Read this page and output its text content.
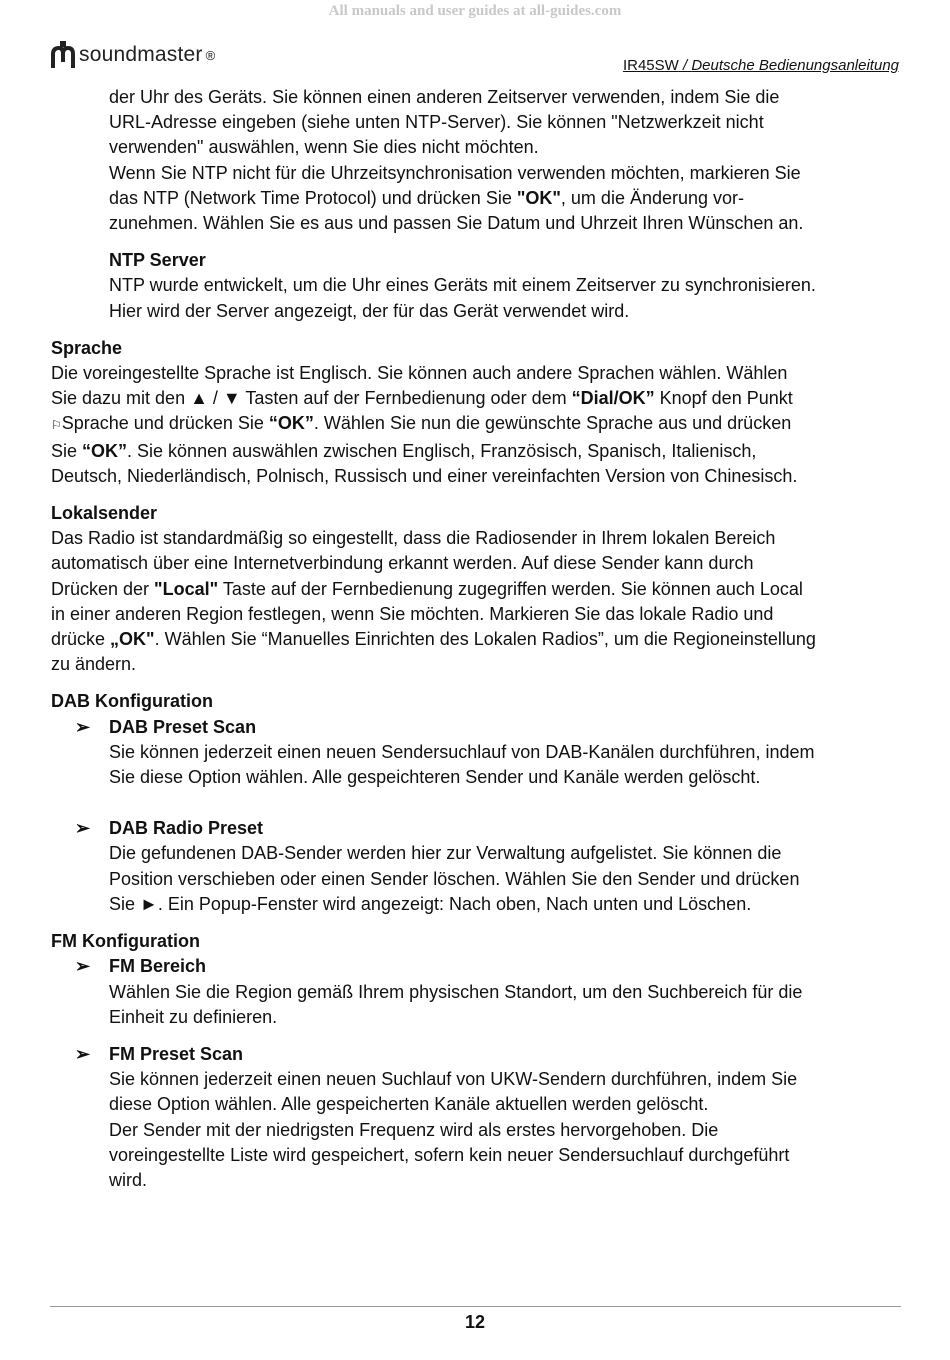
All manuals and user guides at all-guides.com
soundmaster ®
IR45SW / Deutsche Bedienungsanleitung

der Uhr des Geräts. Sie können einen anderen Zeitserver verwenden, indem Sie die

URL-Adresse eingeben (siehe unten NTP-Server). Sie können "Netzwerkzeit nicht

verwenden" auswählen, wenn Sie dies nicht möchten.

Wenn Sie NTP nicht für die Uhrzeitsynchronisation verwenden möchten, markieren Sie

das NTP (Network Time Protocol) und drücken Sie "OK", um die Änderung vor-

zunehmen. Wählen Sie es aus und passen Sie Datum und Uhrzeit Ihren Wünschen an.

NTP Server

NTP wurde entwickelt, um die Uhr eines Geräts mit einem Zeitserver zu synchronisieren.

Hier wird der Server angezeigt, der für das Gerät verwendet wird.

Sprache

Die voreingestellte Sprache ist Englisch. Sie können auch andere Sprachen wählen. Wählen

Sie dazu mit den ▲ / ▼ Tasten auf der Fernbedienung oder dem “Dial/OK” Knopf den Punkt

⚐Sprache und drücken Sie “OK”. Wählen Sie nun die gewünschte Sprache aus und drücken

Sie “OK”. Sie können auswählen zwischen Englisch, Französisch, Spanisch, Italienisch,

Deutsch, Niederländisch, Polnisch, Russisch und einer vereinfachten Version von Chinesisch.

Lokalsender

Das Radio ist standardmäßig so eingestellt, dass die Radiosender in Ihrem lokalen Bereich

automatisch über eine Internetverbindung erkannt werden. Auf diese Sender kann durch

Drücken der "Local" Taste auf der Fernbedienung zugegriffen werden. Sie können auch Local

in einer anderen Region festlegen, wenn Sie möchten. Markieren Sie das lokale Radio und

drücke „OK". Wählen Sie “Manuelles Einrichten des Lokalen Radios”, um die Regioneinstellung

zu ändern.

DAB Konfiguration

➢ DAB Preset Scan

Sie können jederzeit einen neuen Sendersuchlauf von DAB-Kanälen durchführen, indem

Sie diese Option wählen. Alle gespeichteren Sender und Kanäle werden gelöscht.

➢ DAB Radio Preset

Die gefundenen DAB-Sender werden hier zur Verwaltung aufgelistet. Sie können die

Position verschieben oder einen Sender löschen. Wählen Sie den Sender und drücken

Sie ►. Ein Popup-Fenster wird angezeigt: Nach oben, Nach unten und Löschen.

FM Konfiguration

➢ FM Bereich

Wählen Sie die Region gemäß Ihrem physischen Standort, um den Suchbereich für die

Einheit zu definieren.

➢ FM Preset Scan

Sie können jederzeit einen neuen Suchlauf von UKW-Sendern durchführen, indem Sie

diese Option wählen. Alle gespeicherten Kanäle aktuellen werden gelöscht.

Der Sender mit der niedrigsten Frequenz wird als erstes hervorgehoben. Die

voreingestellte Liste wird gespeichert, sofern kein neuer Sendersuchlauf durchgeführt

wird.

12
